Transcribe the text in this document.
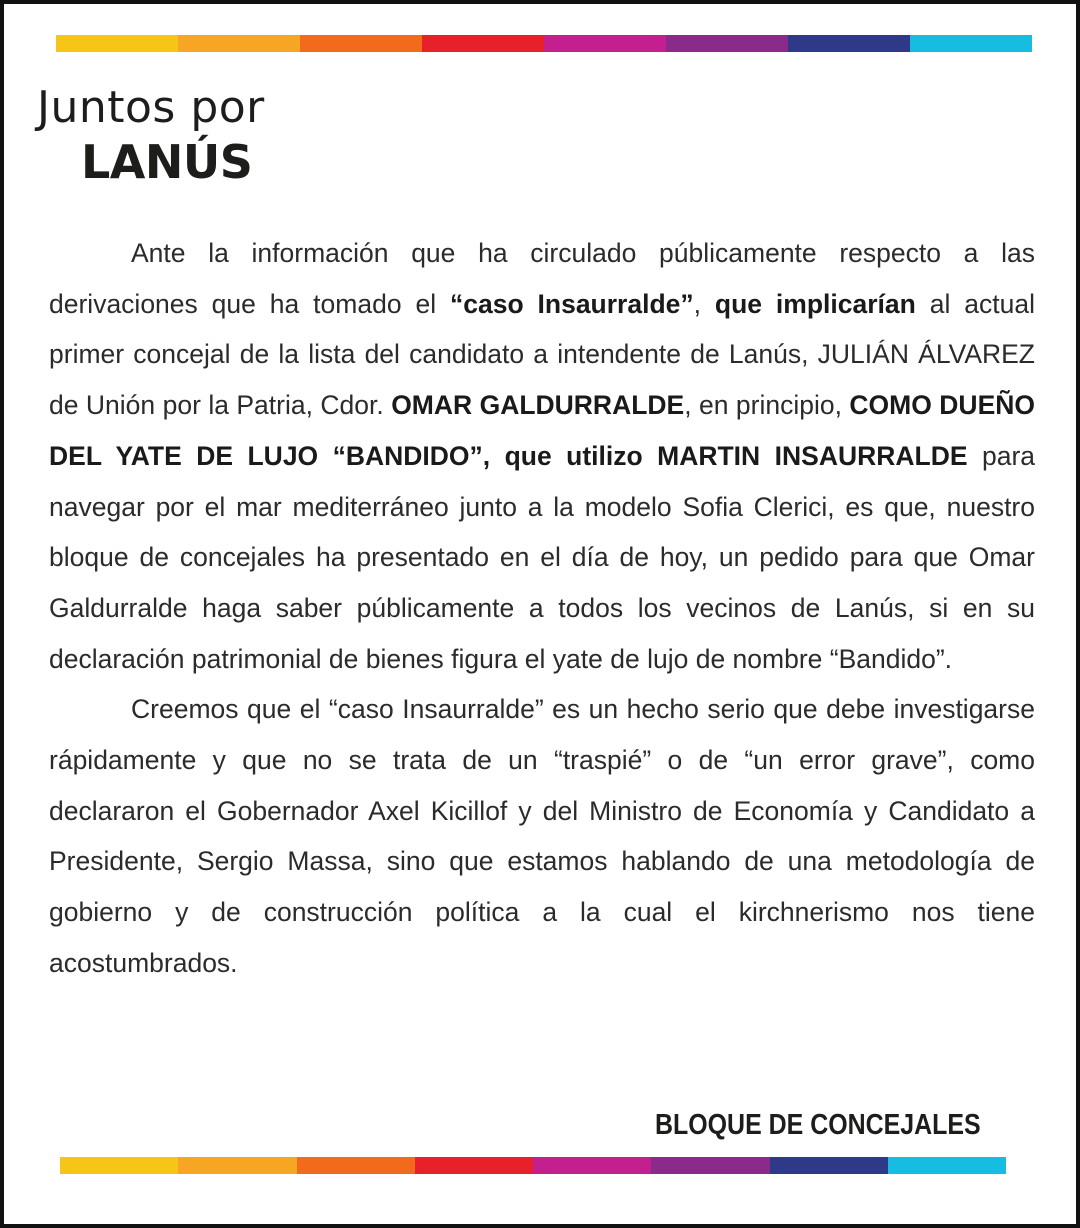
Juntos por
LANÚS

Ante la información que ha circulado públicamente respecto a las derivaciones que ha tomado el “caso Insaurralde”, que implicarían al actual primer concejal de la lista del candidato a intendente de Lanús, JULIÁN ÁLVAREZ de Unión por la Patria, Cdor. OMAR GALDURRALDE, en principio, COMO DUEÑO DEL YATE DE LUJO “BANDIDO”, que utilizo MARTIN INSAURRALDE para navegar por el mar mediterráneo junto a la modelo Sofia Clerici, es que, nuestro bloque de concejales ha presentado en el día de hoy, un pedido para que Omar Galdurralde haga saber públicamente a todos los vecinos de Lanús, si en su declaración patrimonial de bienes figura el yate de lujo de nombre “Bandido”.

Creemos que el “caso Insaurralde” es un hecho serio que debe investigarse rápidamente y que no se trata de un “traspié” o de “un error grave”, como declararon el Gobernador Axel Kicillof y del Ministro de Economía y Candidato a Presidente, Sergio Massa, sino que estamos hablando de una metodología de gobierno y de construcción política a la cual el kirchnerismo nos tiene acostumbrados.

BLOQUE DE CONCEJALES
